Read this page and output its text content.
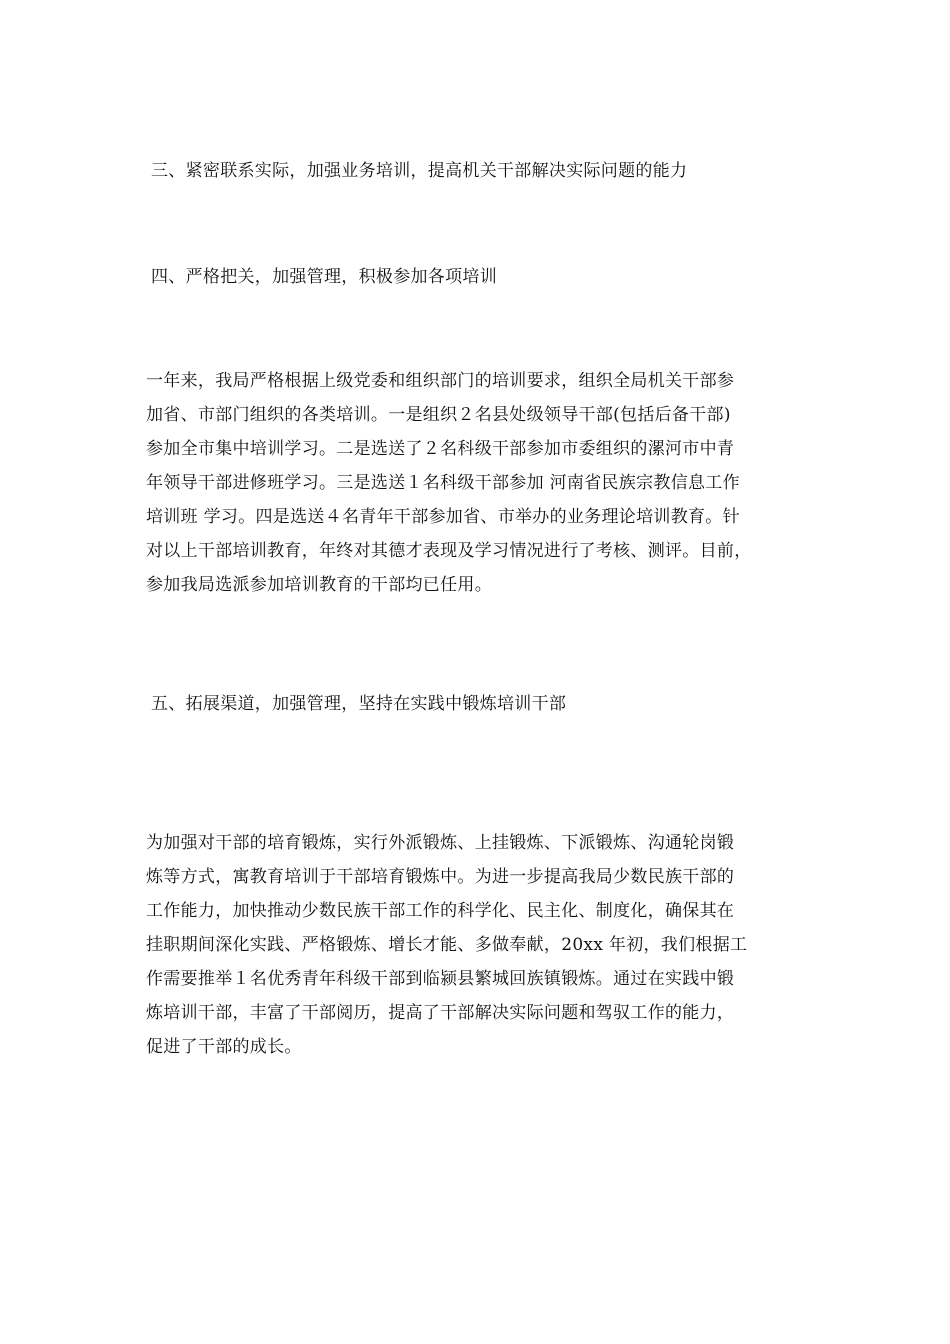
三、紧密联系实际，加强业务培训，提高机关干部解决实际问题的能力
四、严格把关，加强管理，积极参加各项培训
一年来，我局严格根据上级党委和组织部门的培训要求，组织全局机关干部参
加省、市部门组织的各类培训。一是组织２名县处级领导干部(包括后备干部)
参加全市集中培训学习。二是选送了２名科级干部参加市委组织的漯河市中青
年领导干部进修班学习。三是选送１名科级干部参加 河南省民族宗教信息工作
培训班 学习。四是选送４名青年干部参加省、市举办的业务理论培训教育。针
对以上干部培训教育，年终对其德才表现及学习情况进行了考核、测评。目前，
参加我局选派参加培训教育的干部均已任用。
五、拓展渠道，加强管理，坚持在实践中锻炼培训干部
为加强对干部的培育锻炼，实行外派锻炼、上挂锻炼、下派锻炼、沟通轮岗锻
炼等方式，寓教育培训于干部培育锻炼中。为进一步提高我局少数民族干部的
工作能力，加快推动少数民族干部工作的科学化、民主化、制度化，确保其在
挂职期间深化实践、严格锻炼、增长才能、多做奉献，20xx 年初，我们根据工
作需要推举１名优秀青年科级干部到临颍县繁城回族镇锻炼。通过在实践中锻
炼培训干部，丰富了干部阅历，提高了干部解决实际问题和驾驭工作的能力，
促进了干部的成长。
